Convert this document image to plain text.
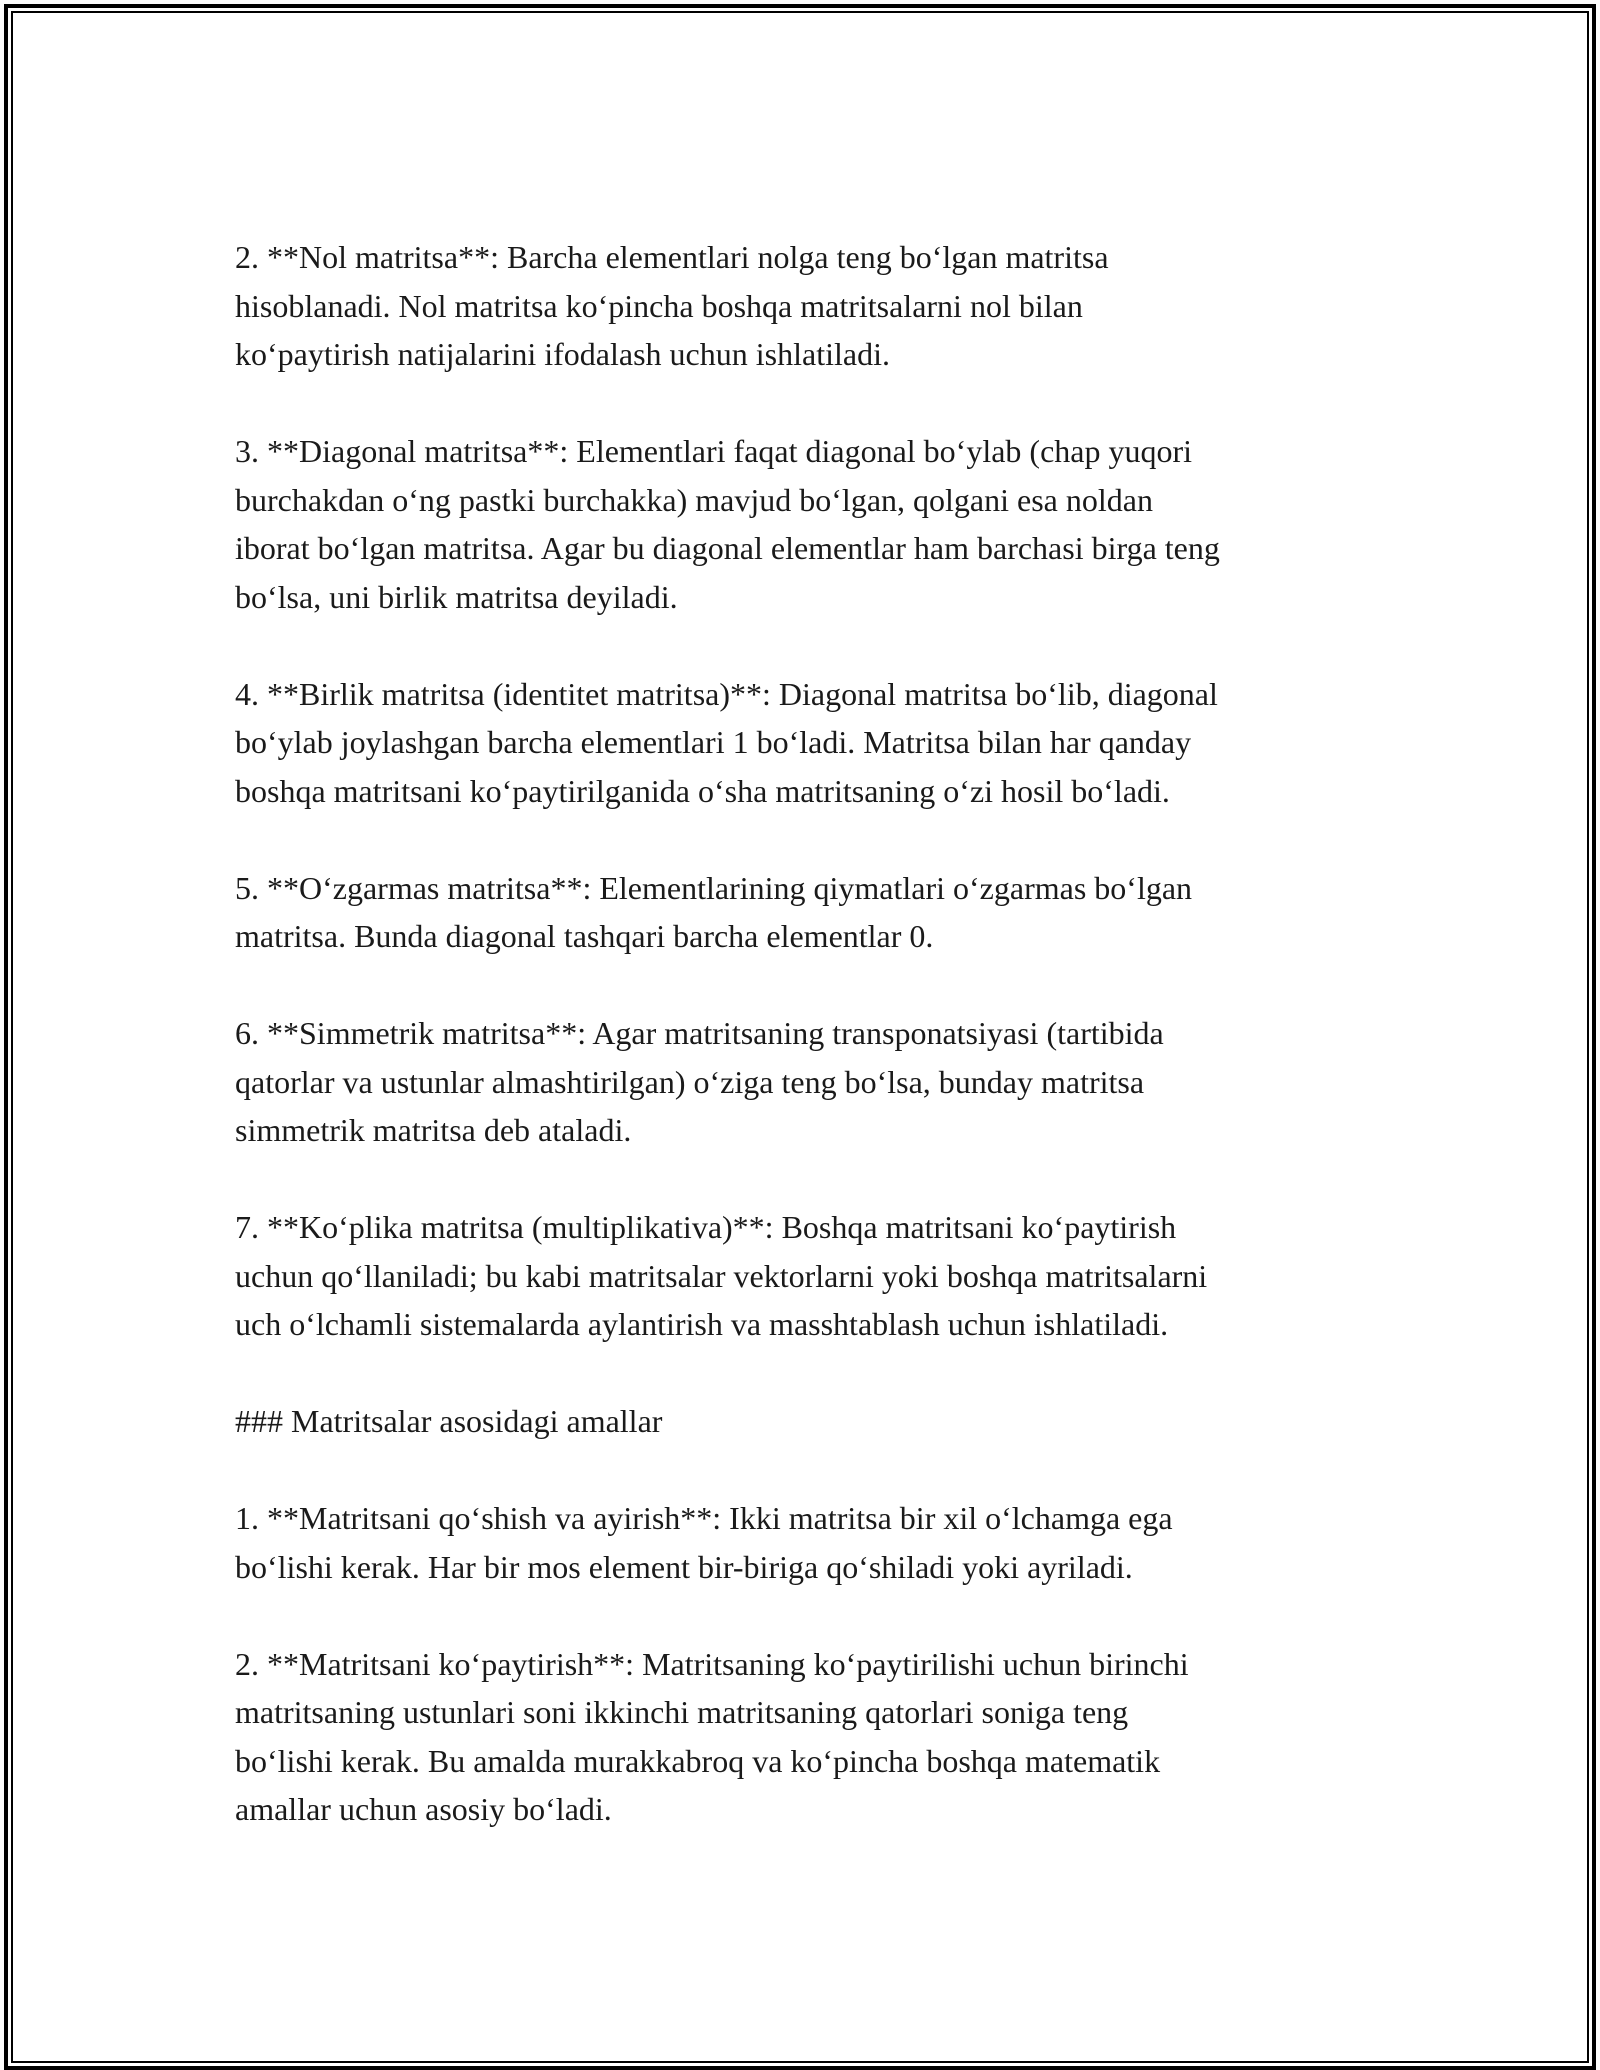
2. **Nol matritsa**: Barcha elementlari nolga teng bo‘lgan matritsa
hisoblanadi. Nol matritsa ko‘pincha boshqa matritsalarni nol bilan
ko‘paytirish natijalarini ifodalash uchun ishlatiladi.

3. **Diagonal matritsa**: Elementlari faqat diagonal bo‘ylab (chap yuqori
burchakdan o‘ng pastki burchakka) mavjud bo‘lgan, qolgani esa noldan
iborat bo‘lgan matritsa. Agar bu diagonal elementlar ham barchasi birga teng
bo‘lsa, uni birlik matritsa deyiladi.

4. **Birlik matritsa (identitet matritsa)**: Diagonal matritsa bo‘lib, diagonal
bo‘ylab joylashgan barcha elementlari 1 bo‘ladi. Matritsa bilan har qanday
boshqa matritsani ko‘paytirilganida o‘sha matritsaning o‘zi hosil bo‘ladi.

5. **O‘zgarmas matritsa**: Elementlarining qiymatlari o‘zgarmas bo‘lgan
matritsa. Bunda diagonal tashqari barcha elementlar 0.

6. **Simmetrik matritsa**: Agar matritsaning transponatsiyasi (tartibida
qatorlar va ustunlar almashtirilgan) o‘ziga teng bo‘lsa, bunday matritsa
simmetrik matritsa deb ataladi.

7. **Ko‘plika matritsa (multiplikativa)**: Boshqa matritsani ko‘paytirish
uchun qo‘llaniladi; bu kabi matritsalar vektorlarni yoki boshqa matritsalarni
uch o‘lchamli sistemalarda aylantirish va masshtablash uchun ishlatiladi.

### Matritsalar asosidagi amallar

1. **Matritsani qo‘shish va ayirish**: Ikki matritsa bir xil o‘lchamga ega
bo‘lishi kerak. Har bir mos element bir-biriga qo‘shiladi yoki ayriladi.

2. **Matritsani ko‘paytirish**: Matritsaning ko‘paytirilishi uchun birinchi
matritsaning ustunlari soni ikkinchi matritsaning qatorlari soniga teng
bo‘lishi kerak. Bu amalda murakkabroq va ko‘pincha boshqa matematik
amallar uchun asosiy bo‘ladi.
